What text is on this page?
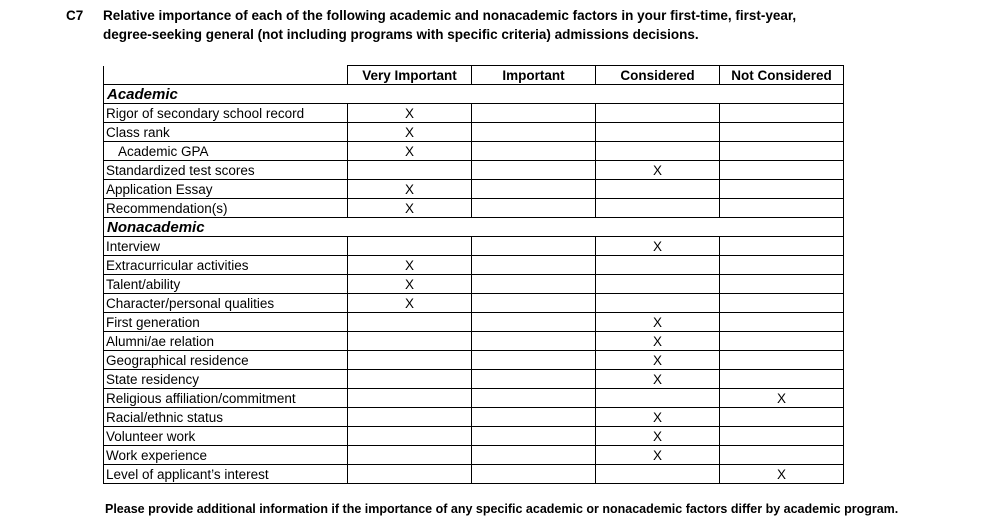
C7 Relative importance of each of the following academic and nonacademic factors in your first-time, first-year, degree-seeking general (not including programs with specific criteria) admissions decisions.
	Very Important	Important	Considered	Not Considered
Academic				
Rigor of secondary school record	X			
Class rank	X			
Academic GPA	X			
Standardized test scores			X	
Application Essay	X			
Recommendation(s)	X			
Nonacademic				
Interview			X	
Extracurricular activities	X			
Talent/ability	X			
Character/personal qualities	X			
First generation			X	
Alumni/ae relation			X	
Geographical residence			X	
State residency			X	
Religious affiliation/commitment				X
Racial/ethnic status			X	
Volunteer work			X	
Work experience			X	
Level of applicant’s interest				X
Please provide additional information if the importance of any specific academic or nonacademic factors differ by academic program.
